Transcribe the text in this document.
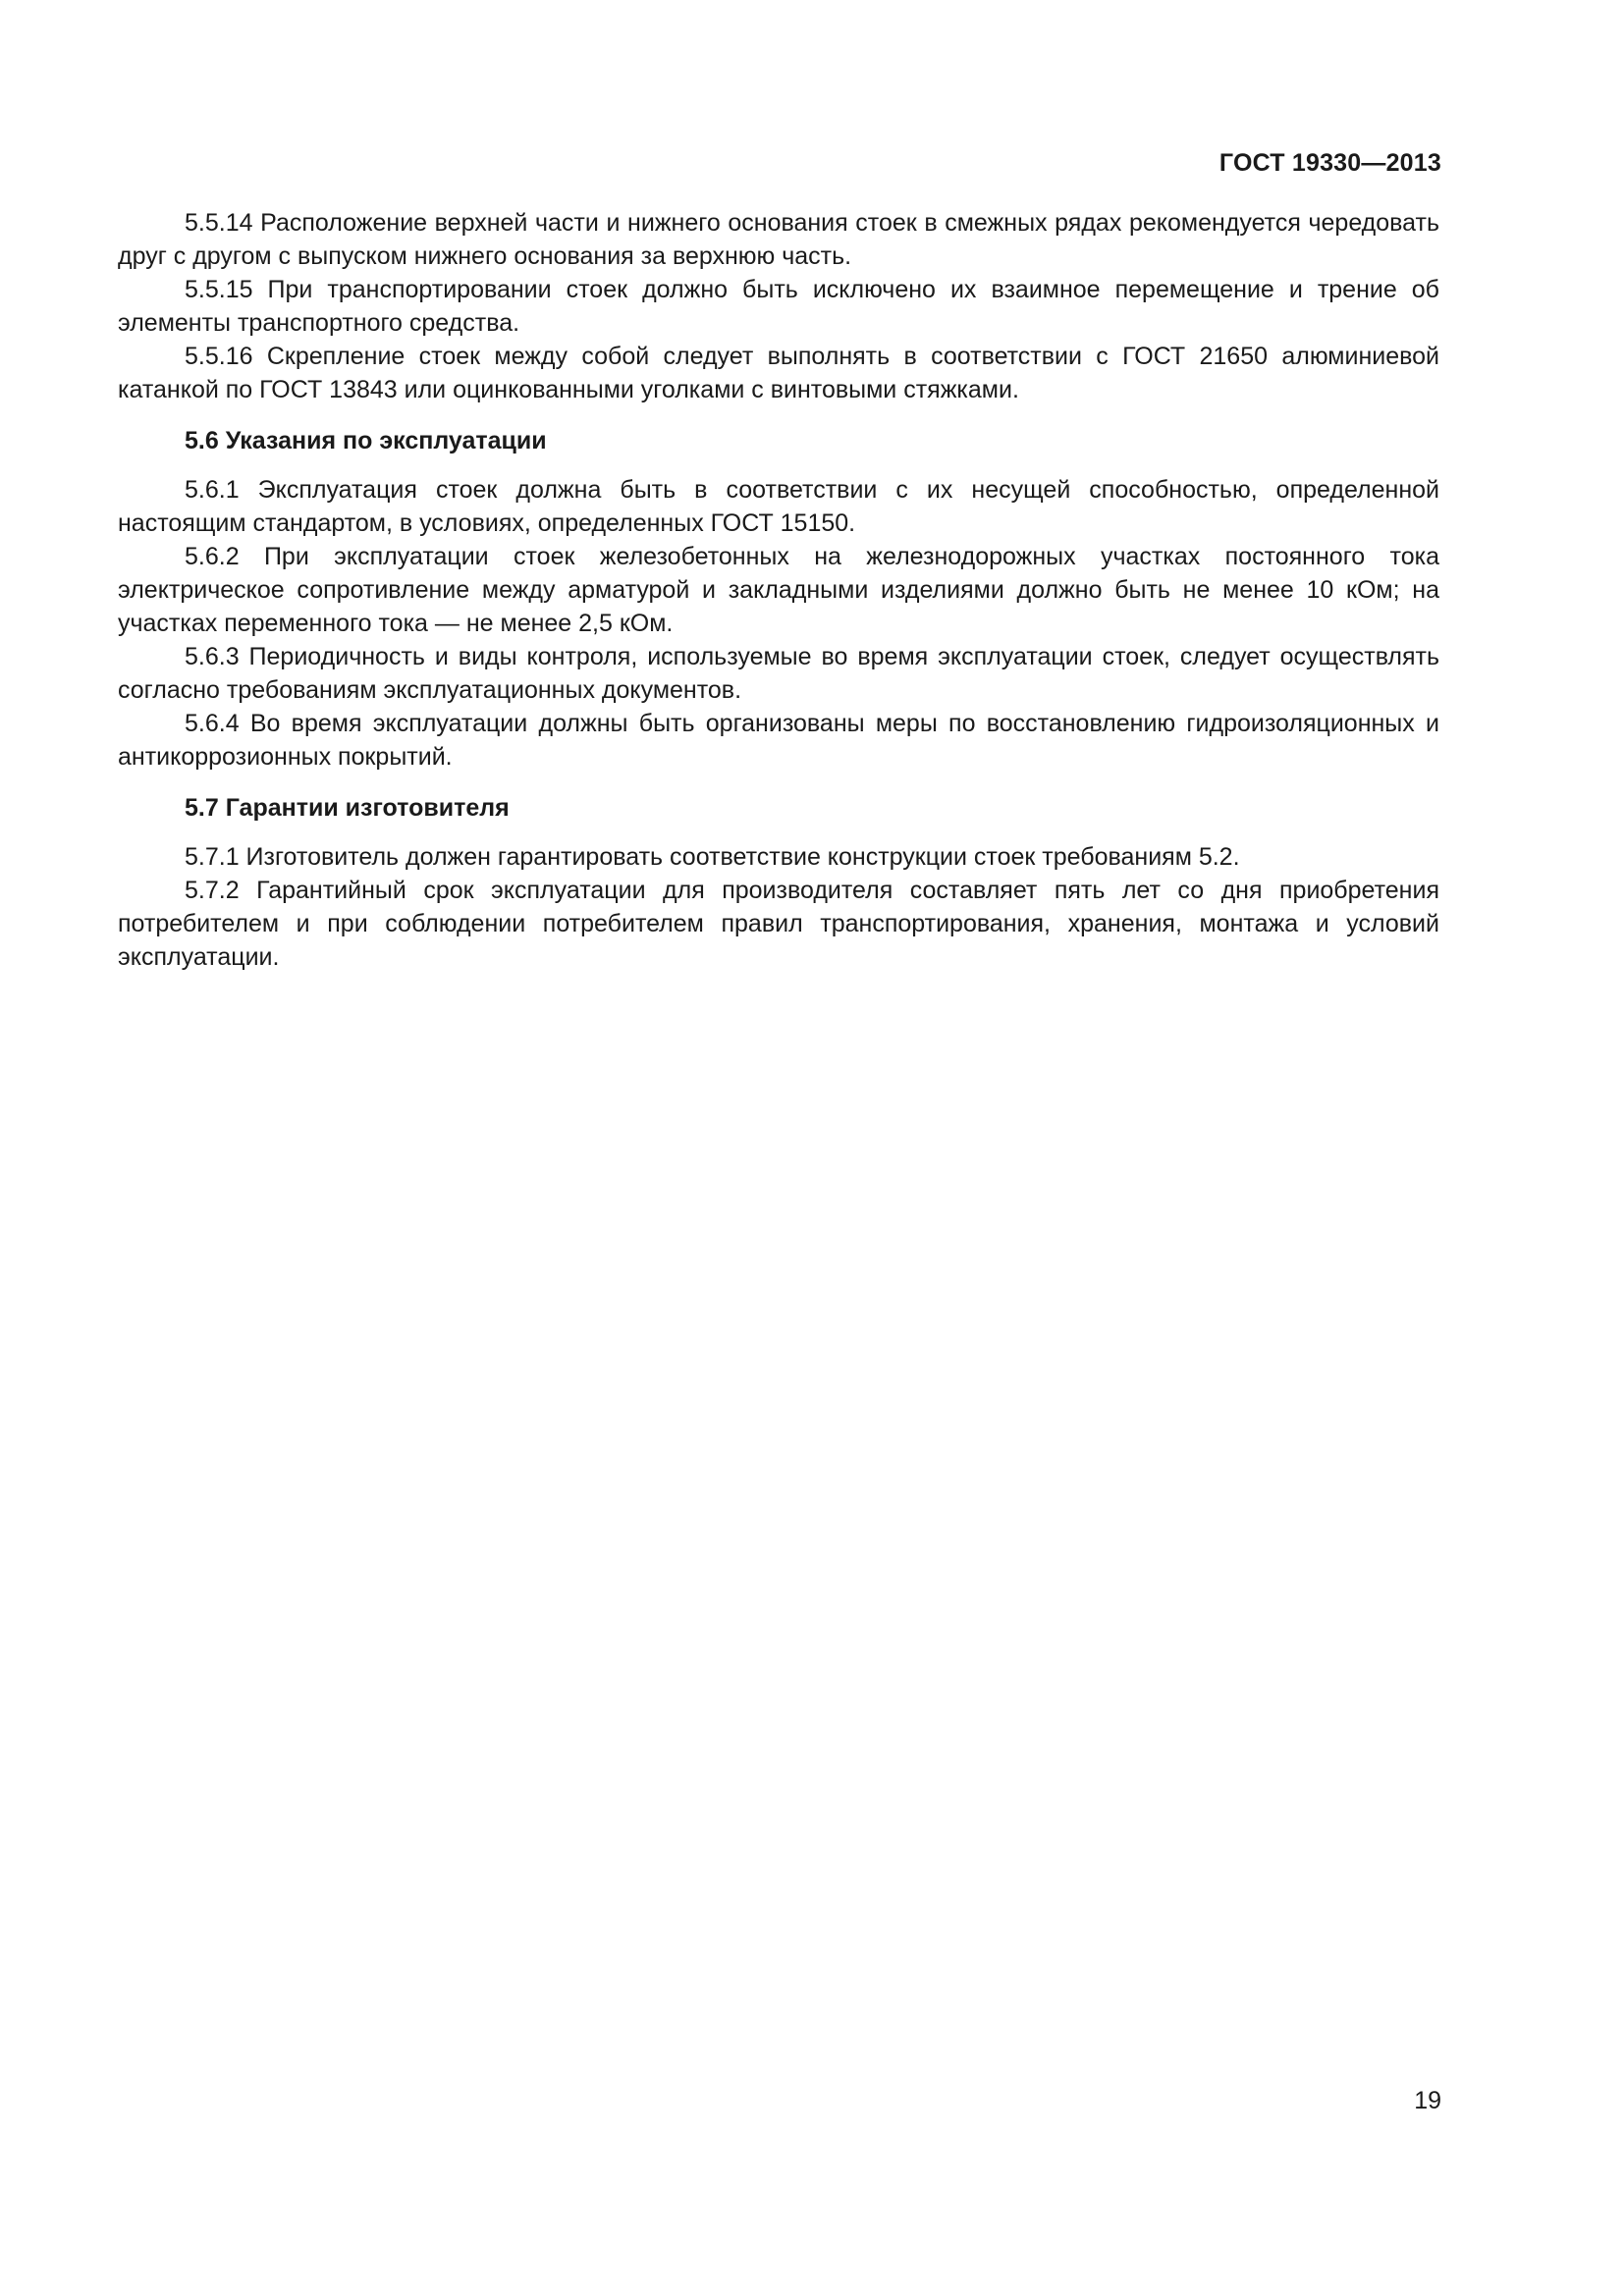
ГОСТ 19330—2013

5.5.14 Расположение верхней части и нижнего основания стоек в смежных рядах рекомендуется чередовать друг с другом с выпуском нижнего основания за верхнюю часть.

5.5.15 При транспортировании стоек должно быть исключено их взаимное перемещение и трение об элементы транспортного средства.

5.5.16 Скрепление стоек между собой следует выполнять в соответствии с ГОСТ 21650 алюминиевой катанкой по ГОСТ 13843 или оцинкованными уголками с винтовыми стяжками.

5.6 Указания по эксплуатации

5.6.1 Эксплуатация стоек должна быть в соответствии с их несущей способностью, определенной настоящим стандартом, в условиях, определенных ГОСТ 15150.

5.6.2 При эксплуатации стоек железобетонных на железнодорожных участках постоянного тока электрическое сопротивление между арматурой и закладными изделиями должно быть не менее 10 кОм; на участках переменного тока — не менее 2,5 кОм.

5.6.3 Периодичность и виды контроля, используемые во время эксплуатации стоек, следует осуществлять согласно требованиям эксплуатационных документов.

5.6.4 Во время эксплуатации должны быть организованы меры по восстановлению гидроизоляционных и антикоррозионных покрытий.

5.7 Гарантии изготовителя

5.7.1 Изготовитель должен гарантировать соответствие конструкции стоек требованиям 5.2.

5.7.2 Гарантийный срок эксплуатации для производителя составляет пять лет со дня приобретения потребителем и при соблюдении потребителем правил транспортирования, хранения, монтажа и условий эксплуатации.

19
